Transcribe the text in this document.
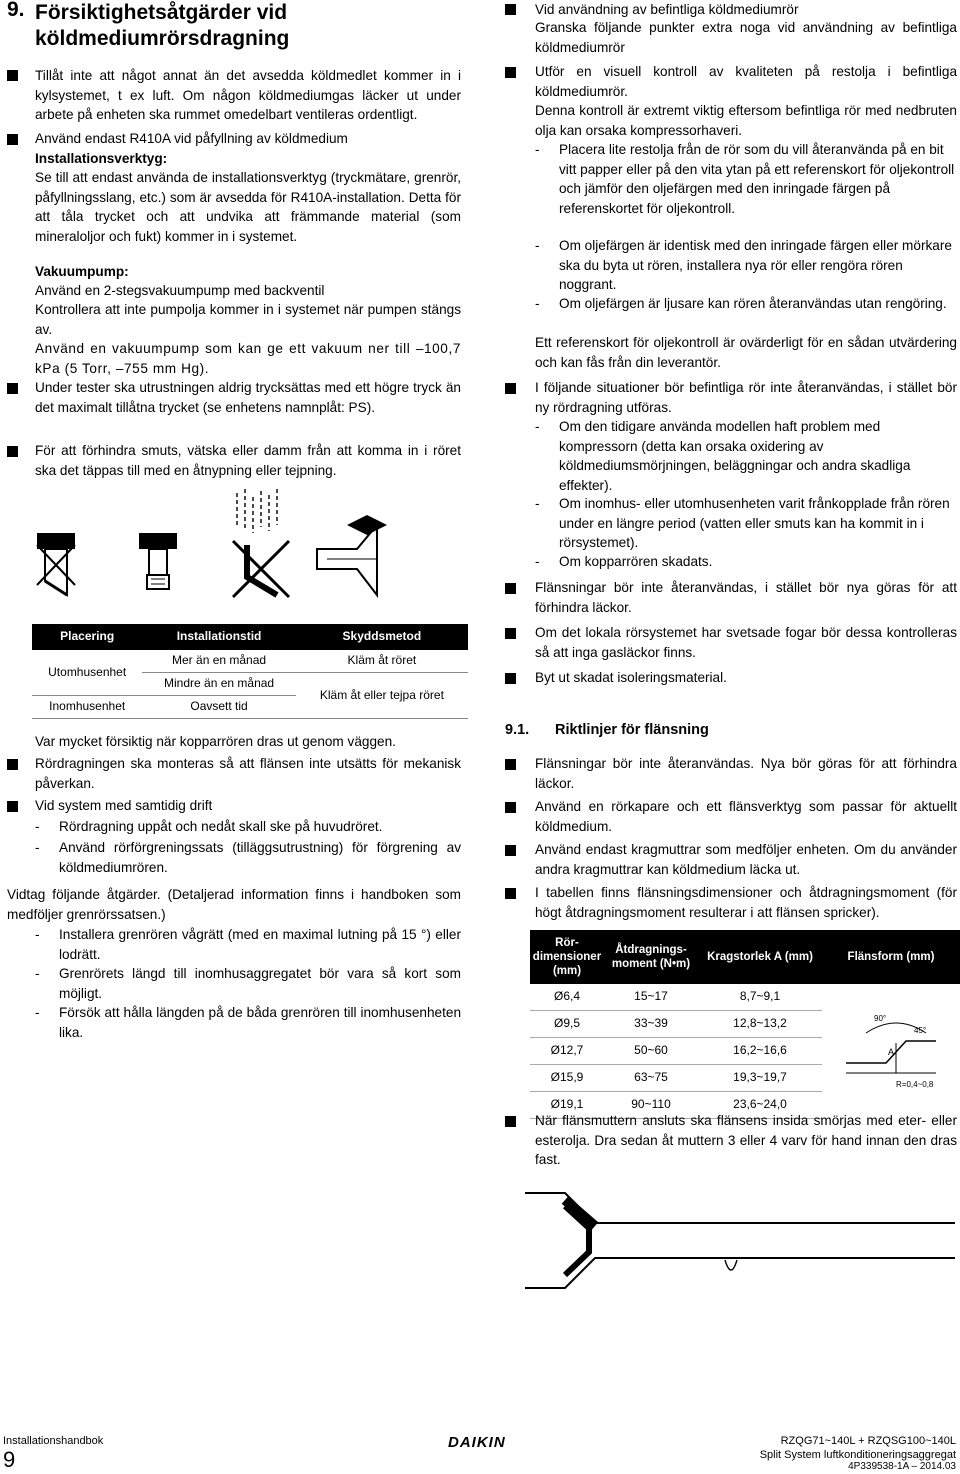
9. Försiktighetsåtgärder vid köldmediumrörsdragning
Tillåt inte att något annat än det avsedda köldmedlet kommer in i kylsystemet, t ex luft. Om någon köldmediumgas läcker ut under arbete på enheten ska rummet omedelbart ventileras ordentligt.
Använd endast R410A vid påfyllning av köldmedium
Installationsverktyg:
Se till att endast använda de installationsverktyg (tryckmätare, grenrör, påfyllningsslang, etc.) som är avsedda för R410A-installation. Detta för att tåla trycket och att undvika att främmande material (som mineraloljor och fukt) kommer in i systemet.
Vakuumpump:
Använd en 2-stegsvakuumpump med backventil
Kontrollera att inte pumpolja kommer in i systemet när pumpen stängs av.
Använd en vakuumpump som kan ge ett vakuum ner till –100,7 kPa (5 Torr, –755 mm Hg).
Under tester ska utrustningen aldrig trycksättas med ett högre tryck än det maximalt tillåtna trycket (se enhetens namnplåt: PS).
För att förhindra smuts, vätska eller damm från att komma in i röret ska det täppas till med en åtnypning eller tejpning.
Placering	Installationstid	Skyddsmetod
Utomhusenhet	Mer än en månad	Kläm åt röret
	Mindre än en månad	Kläm åt eller tejpa röret
Inomhusenhet	Oavsett tid	
Var mycket försiktig när kopparrören dras ut genom väggen.
Rördragningen ska monteras så att flänsen inte utsätts för mekanisk påverkan.
Vid system med samtidig drift
- Rördragning uppåt och nedåt skall ske på huvudröret.
- Använd rörförgreningssats (tilläggsutrustning) för förgrening av köldmediumrören.
Vidtag följande åtgärder. (Detaljerad information finns i handboken som medföljer grenrörssatsen.)
- Installera grenrören vågrätt (med en maximal lutning på 15 °) eller lodrätt.
- Grenrörets längd till inomhusaggregatet bör vara så kort som möjligt.
- Försök att hålla längden på de båda grenrören till inomhusenheten lika.
Vid användning av befintliga köldmediumrör
Granska följande punkter extra noga vid användning av befintliga köldmediumrör
Utför en visuell kontroll av kvaliteten på restolja i befintliga köldmediumrör.
Denna kontroll är extremt viktig eftersom befintliga rör med nedbruten olja kan orsaka kompressorhaveri.
- Placera lite restolja från de rör som du vill återanvända på en bit vitt papper eller på den vita ytan på ett referenskort för oljekontroll och jämför den oljefärgen med den inringade färgen på referenskortet för oljekontroll.
- Om oljefärgen är identisk med den inringade färgen eller mörkare ska du byta ut rören, installera nya rör eller rengöra rören noggrant.
- Om oljefärgen är ljusare kan rören återanvändas utan rengöring.
Ett referenskort för oljekontroll är ovärderligt för en sådan utvärdering och kan fås från din leverantör.
I följande situationer bör befintliga rör inte återanvändas, i stället bör ny rördragning utföras.
- Om den tidigare använda modellen haft problem med kompressorn (detta kan orsaka oxidering av köldmediumsmörjningen, beläggningar och andra skadliga effekter).
- Om inomhus- eller utomhusenheten varit frånkopplade från rören under en längre period (vatten eller smuts kan ha kommit in i rörsystemet).
- Om kopparrören skadats.
Flänsningar bör inte återanvändas, i stället bör nya göras för att förhindra läckor.
Om det lokala rörsystemet har svetsade fogar bör dessa kontrolleras så att inga gasläckor finns.
Byt ut skadat isoleringsmaterial.
9.1. Riktlinjer för flänsning
Flänsningar bör inte återanvändas. Nya bör göras för att förhindra läckor.
Använd en rörkapare och ett flänsverktyg som passar för aktuellt köldmedium.
Använd endast kragmuttrar som medföljer enheten. Om du använder andra kragmuttrar kan köldmedium läcka ut.
I tabellen finns flänsningsdimensioner och åtdragningsmoment (för högt åtdragningsmoment resulterar i att flänsen spricker).
Rör-dimensioner (mm)	Åtdragnings-moment (N•m)	Kragstorlek A (mm)	Flänsform (mm)
Ø6,4	15~17	8,7~9,1	90°
45°
A
R=0,4~0,8

Ø9,5	33~39	12,8~13,2	
Ø12,7	50~60	16,2~16,6	
Ø15,9	63~75	19,3~19,7	
Ø19,1	90~110	23,6~24,0	
När flänsmuttern ansluts ska flänsens insida smörjas med eter- eller esterolja. Dra sedan åt muttern 3 eller 4 varv för hand innan den dras fast.
Installationshandbok
9
DAIKIN	RZQG71~140L + RZQSG100~140L
Split System luftkonditioneringsaggregat
4P339538-1A – 2014.03
